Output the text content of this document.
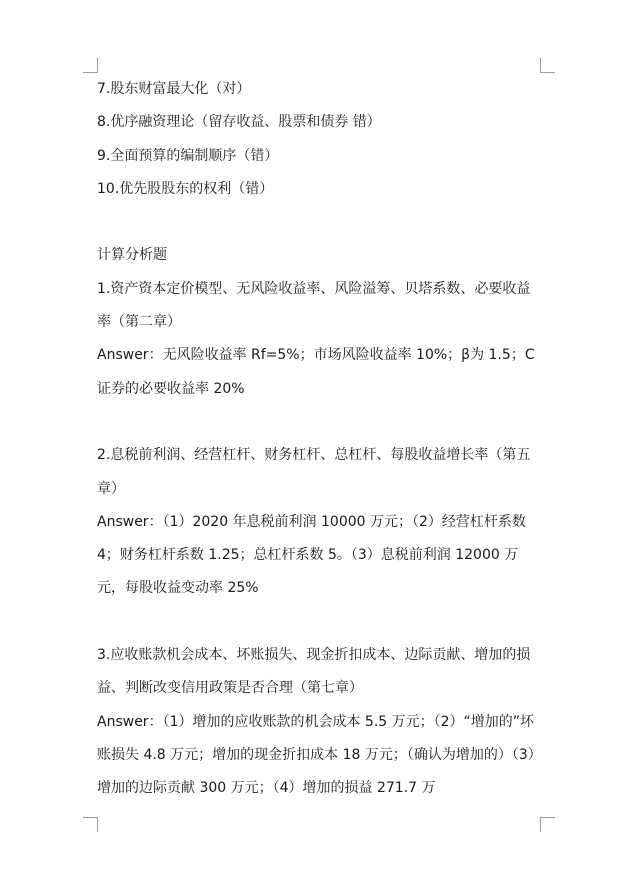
7.股东财富最大化（对）

8.优序融资理论（留存收益、股票和债券 错）

9.全面预算的编制顺序（错）

10.优先股股东的权利（错）

计算分析题

1.资产资本定价模型、无风险收益率、风险溢筹、贝塔系数、必要收益率（第二章）

Answer：无风险收益率 Rf=5%；市场风险收益率 10%；β为 1.5；C 证券的必要收益率 20%

2.息税前利润、经营杠杆、财务杠杆、总杠杆、每股收益增长率（第五章）

Answer：（1）2020 年息税前利润 10000 万元；（2）经营杠杆系数 4；财务杠杆系数 1.25；总杠杆系数 5。（3）息税前利润 12000 万元，每股收益变动率 25%

3.应收账款机会成本、坏账损失、现金折扣成本、边际贡献、增加的损益、判断改变信用政策是否合理（第七章）

Answer：（1）增加的应收账款的机会成本 5.5 万元；（2）“增加的”坏账损失 4.8 万元；增加的现金折扣成本 18 万元；（确认为增加的）（3）增加的边际贡献 300 万元；（4）增加的损益 271.7 万
